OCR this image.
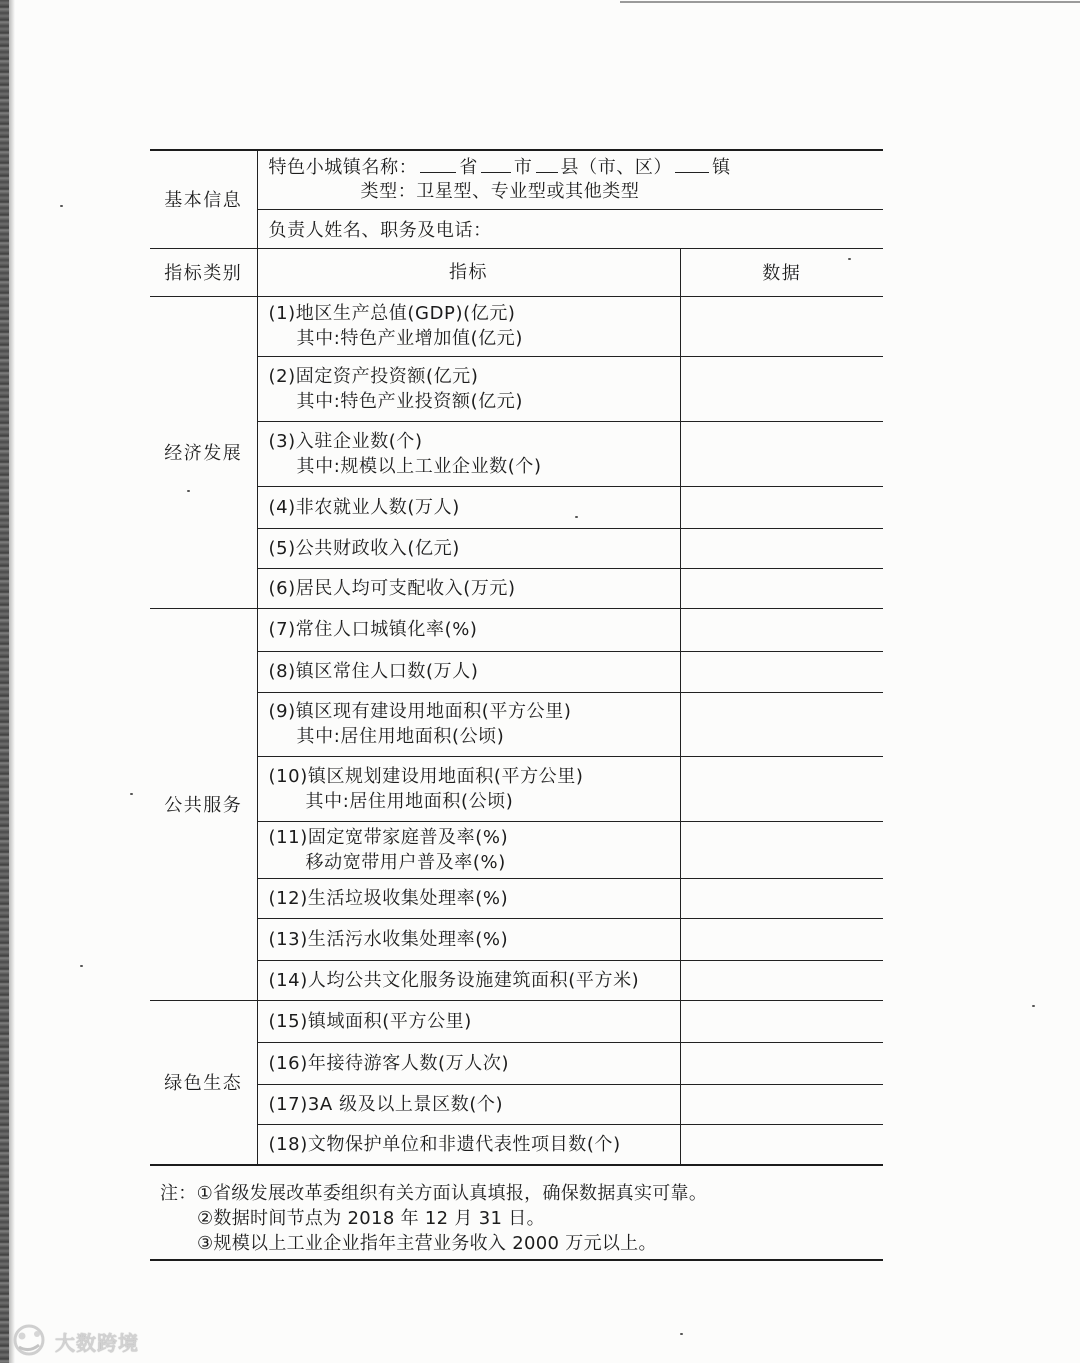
基本信息	特色小城镇名称： 省 市 县（市、区） 镇
类型：卫星型、专业型或其他类型	

	负责人姓名、职务及电话：	
指标类别	指标	数据
经济发展	(1)地区生产总值(GDP)(亿元)
其中:特色产业增加值(亿元)	

	(2)固定资产投资额(亿元)
其中:特色产业投资额(亿元)	

	(3)入驻企业数(个)
其中:规模以上工业企业数(个)	

	(4)非农就业人数(万人)	

	(5)公共财政收入(亿元)	

	(6)居民人均可支配收入(万元)	

公共服务	(7)常住人口城镇化率(%)	

	(8)镇区常住人口数(万人)	

	(9)镇区现有建设用地面积(平方公里)
其中:居住用地面积(公顷)	

	(10)镇区规划建设用地面积(平方公里)
其中:居住用地面积(公顷)	

	(11)固定宽带家庭普及率(%)
移动宽带用户普及率(%)	

	(12)生活垃圾收集处理率(%)	

	(13)生活污水收集处理率(%)	

	(14)人均公共文化服务设施建筑面积(平方米)	

绿色生态	(15)镇域面积(平方公里)	

	(16)年接待游客人数(万人次)	

	(17)3A 级及以上景区数(个)	

	(18)文物保护单位和非遗代表性项目数(个)	

注：①省级发展改革委组织有关方面认真填报，确保数据真实可靠。
②数据时间节点为 2018 年 12 月 31 日。
③规模以上工业企业指年主营业务收入 2000 万元以上。
大数跨境
